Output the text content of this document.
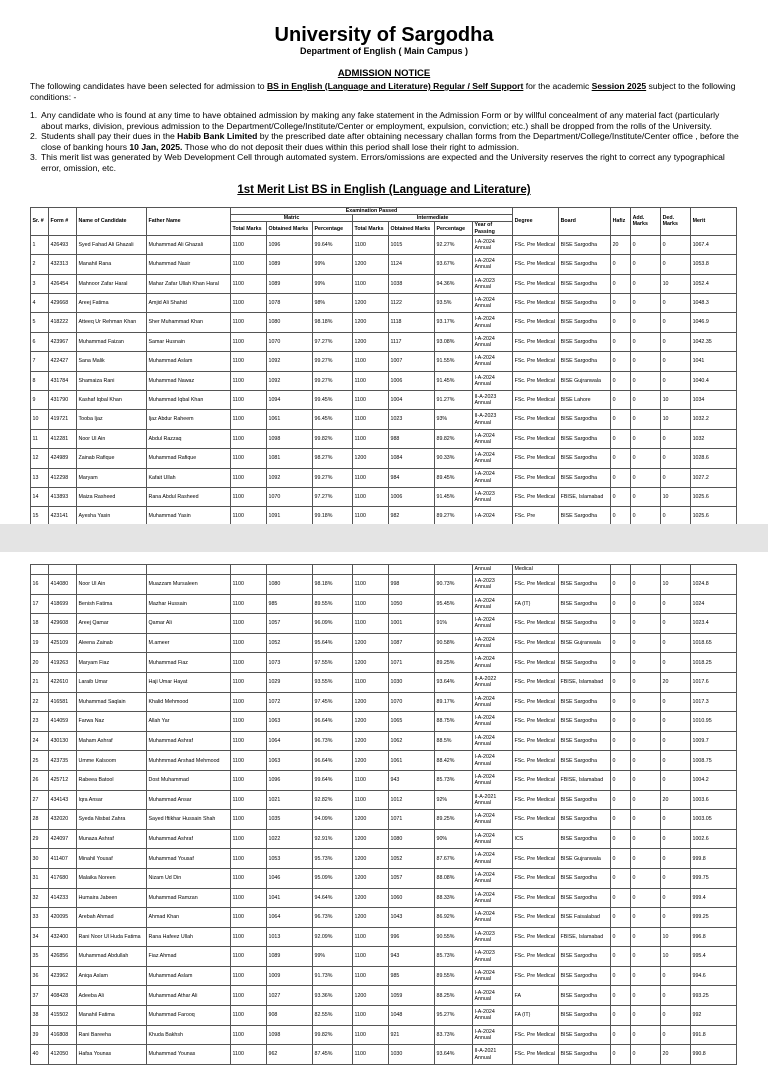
University of Sargodha
Department of English ( Main Campus )
ADMISSION NOTICE
The following candidates have been selected for admission to BS in English (Language and Literature) Regular / Self Support for the academic Session 2025 subject to the following conditions: -
1. Any candidate who is found at any time to have obtained admission by making any fake statement in the Admission Form or by willful concealment of any material fact (particularly about marks, division, previous admission to the Department/College/Institute/Center or employment, expulsion, conviction; etc.) shall be dropped from the rolls of the University.
2. Students shall pay their dues in the Habib Bank Limited by the prescribed date after obtaining necessary challan forms from the Department/College/Institute/Center office , before the close of banking hours 10 Jan, 2025. Those who do not deposit their dues within this period shall lose their right to admission.
3. This merit list was generated by Web Development Cell through automated system. Errors/omissions are expected and the University reserves the right to correct any typographical error, omission, etc.
1st Merit List BS in English (Language and Literature)
Sr. #	Form #	Name of Candidate	Father Name	Examination Passed							Degree	Board	Hafiz	Add. Marks	Ded. Marks	Merit
				Matric			Intermediate									
				Total Marks	Obtained Marks	Percentage	Total Marks	Obtained Marks	Percentage	Year of Passing						
1	426493	Syed Fahad Ali Ghazali	Muhammad Ali Ghazali	1100	1096	99.64%	1100	1015	92.27%	I-A-2024 Annual	FSc. Pre Medical	BISE Sargodha	20	0	0	1067.4
2	432313	Manahil Rana	Muhammad Nasir	1100	1089	99%	1200	1124	93.67%	I-A-2024 Annual	FSc. Pre Medical	BISE Sargodha	0	0	0	1053.8
3	426454	Mahnoor Zafar Haral	Mahar Zafar Ullah Khan Haral	1100	1089	99%	1100	1038	94.36%	I-A-2023 Annual	FSc. Pre Medical	BISE Sargodha	0	0	10	1052.4
4	429668	Areej Fatima	Amjid Ali Shahid	1100	1078	98%	1200	1122	93.5%	I-A-2024 Annual	FSc. Pre Medical	BISE Sargodha	0	0	0	1048.3
5	418222	Atteeq Ur Rehman Khan	Sher Muhammad Khan	1100	1080	98.18%	1200	1118	93.17%	I-A-2024 Annual	FSc. Pre Medical	BISE Sargodha	0	0	0	1046.9
6	423967	Muhammad Faizan	Samar Husnain	1100	1070	97.27%	1200	1117	93.08%	I-A-2024 Annual	FSc. Pre Medical	BISE Sargodha	0	0	0	1042.35
7	422427	Sana Malik	Muhammad Aslam	1100	1092	99.27%	1100	1007	91.55%	I-A-2024 Annual	FSc. Pre Medical	BISE Sargodha	0	0	0	1041
8	431784	Shamaiza Rani	Muhammad Nawaz	1100	1092	99.27%	1100	1006	91.45%	I-A-2024 Annual	FSc. Pre Medical	BISE Gujranwala	0	0	0	1040.4
9	431790	Kashaf Iqbal Khan	Muhammad Iqbal Khan	1100	1094	99.45%	1100	1004	91.27%	II-A-2023 Annual	FSc. Pre Medical	BISE Lahore	0	0	10	1034
10	419721	Tooba Ijaz	Ijaz Abdur Raheem	1100	1061	96.45%	1100	1023	93%	II-A-2023 Annual	FSc. Pre Medical	BISE Sargodha	0	0	10	1032.2
11	412281	Noor Ul Ain	Abdul Razzaq	1100	1098	99.82%	1100	988	89.82%	I-A-2024 Annual	FSc. Pre Medical	BISE Sargodha	0	0	0	1032
12	424989	Zainab Rafique	Muhammad Rafique	1100	1081	98.27%	1200	1084	90.33%	I-A-2024 Annual	FSc. Pre Medical	BISE Sargodha	0	0	0	1028.6
13	412298	Maryam	Kafait Ullah	1100	1092	99.27%	1100	984	89.45%	I-A-2024 Annual	FSc. Pre Medical	BISE Sargodha	0	0	0	1027.2
14	413893	Maiza Rasheed	Rana Abdul Rasheed	1100	1070	97.27%	1100	1006	91.45%	I-A-2023 Annual	FSc. Pre Medical	FBISE, Islamabad	0	0	10	1025.6
15	423141	Ayesha Yasin	Muhammad Yasin	1100	1091	99.18%	1100	982	89.27%	I-A-2024	FSc. Pre	BISE Sargodha	0	0	0	1025.6
										Annual	Medical					
16	414080	Noor Ul Ain	Muazzam Mursaleen	1100	1080	98.18%	1100	998	90.73%	I-A-2023 Annual	FSc. Pre Medical	BISE Sargodha	0	0	10	1024.8
17	418699	Benish Fatima	Mazhar Hussain	1100	985	89.55%	1100	1050	95.45%	I-A-2024 Annual	FA (IT)	BISE Sargodha	0	0	0	1024
18	429608	Areej Qamar	Qamar Ali	1100	1057	96.09%	1100	1001	91%	I-A-2024 Annual	FSc. Pre Medical	BISE Sargodha	0	0	0	1023.4
19	425109	Aleena Zainab	M.ameer	1100	1052	95.64%	1200	1087	90.58%	I-A-2024 Annual	FSc. Pre Medical	BISE Gujranwala	0	0	0	1018.65
20	419263	Maryam Fiaz	Muhammad Fiaz	1100	1073	97.55%	1200	1071	89.25%	I-A-2024 Annual	FSc. Pre Medical	BISE Sargodha	0	0	0	1018.25
21	422610	Laraib Umar	Haji Umar Hayat	1100	1029	93.55%	1100	1030	93.64%	II-A-2022 Annual	FSc. Pre Medical	FBISE, Islamabad	0	0	20	1017.6
22	416581	Muhammad Saqlain	Khalid Mehmood	1100	1072	97.45%	1200	1070	89.17%	I-A-2024 Annual	FSc. Pre Medical	BISE Sargodha	0	0	0	1017.3
23	414059	Farwa Naz	Allah Yar	1100	1063	96.64%	1200	1065	88.75%	I-A-2024 Annual	FSc. Pre Medical	BISE Sargodha	0	0	0	1010.95
24	430130	Maham Ashraf	Muhammad Ashraf	1100	1064	96.73%	1200	1062	88.5%	I-A-2024 Annual	FSc. Pre Medical	BISE Sargodha	0	0	0	1009.7
25	423735	Umme Kalsoom	Muhhmmad Arshad Mehmood	1100	1063	96.64%	1200	1061	88.42%	I-A-2024 Annual	FSc. Pre Medical	BISE Sargodha	0	0	0	1008.75
26	425712	Rabeea Batool	Dost Muhammad	1100	1096	99.64%	1100	943	85.73%	I-A-2024 Annual	FSc. Pre Medical	FBISE, Islamabad	0	0	0	1004.2
27	434143	Iqra Ansar	Muhammad Ansar	1100	1021	92.82%	1100	1012	92%	II-A-2021 Annual	FSc. Pre Medical	BISE Sargodha	0	0	20	1003.6
28	432020	Syeda Nisbat Zahra	Sayed Iftikhar Hussain Shah	1100	1035	94.09%	1200	1071	89.25%	I-A-2024 Annual	FSc. Pre Medical	BISE Sargodha	0	0	0	1003.05
29	424097	Munaza Ashraf	Muhammad Ashraf	1100	1022	92.91%	1200	1080	90%	I-A-2024 Annual	ICS	BISE Sargodha	0	0	0	1002.6
30	411407	Minahil Yousaf	Muhammad Yousaf	1100	1053	95.73%	1200	1052	87.67%	I-A-2024 Annual	FSc. Pre Medical	BISE Gujranwala	0	0	0	999.8
31	417680	Malaika Noreen	Nizam Ud Din	1100	1046	95.09%	1200	1057	88.08%	I-A-2024 Annual	FSc. Pre Medical	BISE Sargodha	0	0	0	999.75
32	414233	Humaira Jabeen	Muhammad Ramzan	1100	1041	94.64%	1200	1060	88.33%	I-A-2024 Annual	FSc. Pre Medical	BISE Sargodha	0	0	0	999.4
33	420095	Arebah Ahmad	Ahmad Khan	1100	1064	96.73%	1200	1043	86.92%	I-A-2024 Annual	FSc. Pre Medical	BISE Faisalabad	0	0	0	999.25
34	432400	Rani Noor Ul Huda Fatima	Rana Hafeez Ullah	1100	1013	92.09%	1100	996	90.55%	I-A-2023 Annual	FSc. Pre Medical	FBISE, Islamabad	0	0	10	996.8
35	426856	Muhammad Abdullah	Fiaz Ahmad	1100	1089	99%	1100	943	85.73%	I-A-2023 Annual	FSc. Pre Medical	BISE Sargodha	0	0	10	995.4
36	423962	Aniqa Aslam	Muhammad Aslam	1100	1009	91.73%	1100	985	89.55%	I-A-2024 Annual	FSc. Pre Medical	BISE Sargodha	0	0	0	994.6
37	408428	Adeeba Ali	Muhammad Athar Ali	1100	1027	93.36%	1200	1059	88.25%	I-A-2024 Annual	FA	BISE Sargodha	0	0	0	993.25
38	415502	Manahil Fatima	Muhammad Farooq	1100	908	82.55%	1100	1048	95.27%	I-A-2024 Annual	FA (IT)	BISE Sargodha	0	0	0	992
39	416808	Rani Bareeha	Khuda Bakhsh	1100	1098	99.82%	1100	921	83.73%	I-A-2024 Annual	FSc. Pre Medical	BISE Sargodha	0	0	0	991.8
40	412050	Hafsa Younas	Muhammad Younas	1100	962	87.45%	1100	1030	93.64%	II-A-2021 Annual	FSc. Pre Medical	BISE Sargodha	0	0	20	990.8
